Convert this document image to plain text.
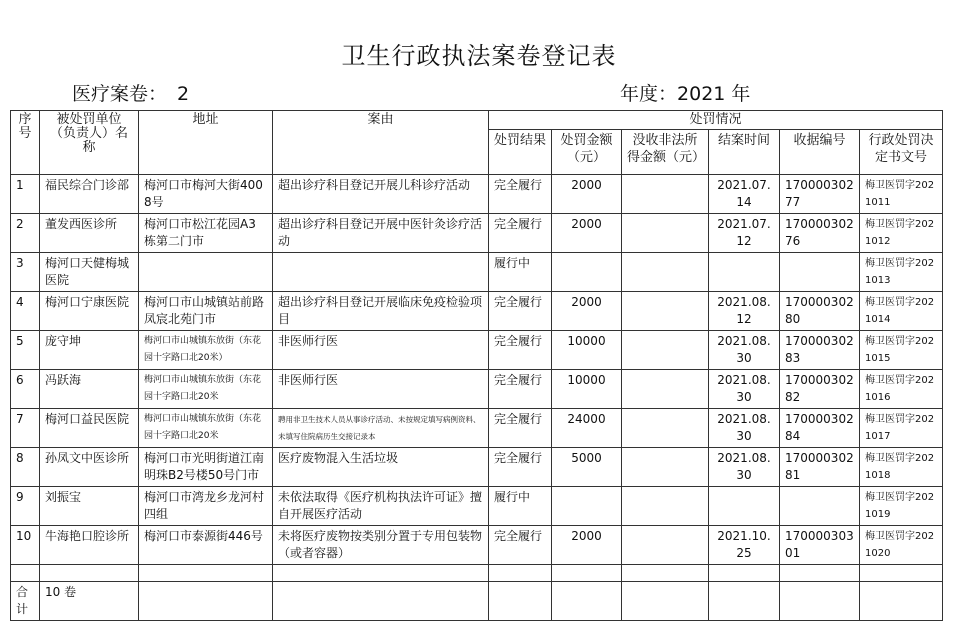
卫生行政执法案卷登记表
医疗案卷： 2	年度：2021 年
序号	被处罚单位（负责人）名称	地址	案由	处罚情况					
				处罚结果	处罚金额（元）	没收非法所得金额（元）	结案时间	收据编号	行政处罚决定书文号
1	福民综合门诊部	梅河口市梅河大街4008号	超出诊疗科目登记开展儿科诊疗活动	完全履行	2000		2021.07.14	17000030277	梅卫医罚字2021011
2	董发西医诊所	梅河口市松江花园A3栋第二门市	超出诊疗科目登记开展中医针灸诊疗活动	完全履行	2000		2021.07.12	17000030276	梅卫医罚字2021012
3	梅河口天健梅城医院			履行中					梅卫医罚字2021013
4	梅河口宁康医院	梅河口市山城镇站前路凤宸北苑门市	超出诊疗科目登记开展临床免疫检验项目	完全履行	2000		2021.08.12	17000030280	梅卫医罚字2021014
5	庞守坤	梅河口市山城镇东放街（东花园十字路口北20米）	非医师行医	完全履行	10000		2021.08.30	17000030283	梅卫医罚字2021015
6	冯跃海	梅河口市山城镇东放街（东花园十字路口北20米	非医师行医	完全履行	10000		2021.08.30	17000030282	梅卫医罚字2021016
7	梅河口益民医院	梅河口市山城镇东放街（东花园十字路口北20米	聘用非卫生技术人员从事诊疗活动、未按规定填写病例资料、未填写住院病历生交接记录本	完全履行	24000		2021.08.30	17000030284	梅卫医罚字2021017
8	孙凤文中医诊所	梅河口市光明街道江南明珠B2号楼50号门市	医疗废物混入生活垃圾	完全履行	5000		2021.08.30	17000030281	梅卫医罚字2021018
9	刘振宝	梅河口市湾龙乡龙河村四组	未依法取得《医疗机构执法许可证》擅自开展医疗活动	履行中					梅卫医罚字2021019
10	牛海艳口腔诊所	梅河口市泰源街446号	未将医疗废物按类别分置于专用包装物（或者容器）	完全履行	2000		2021.10.25	17000030301	梅卫医罚字2021020

合计	10 卷								
